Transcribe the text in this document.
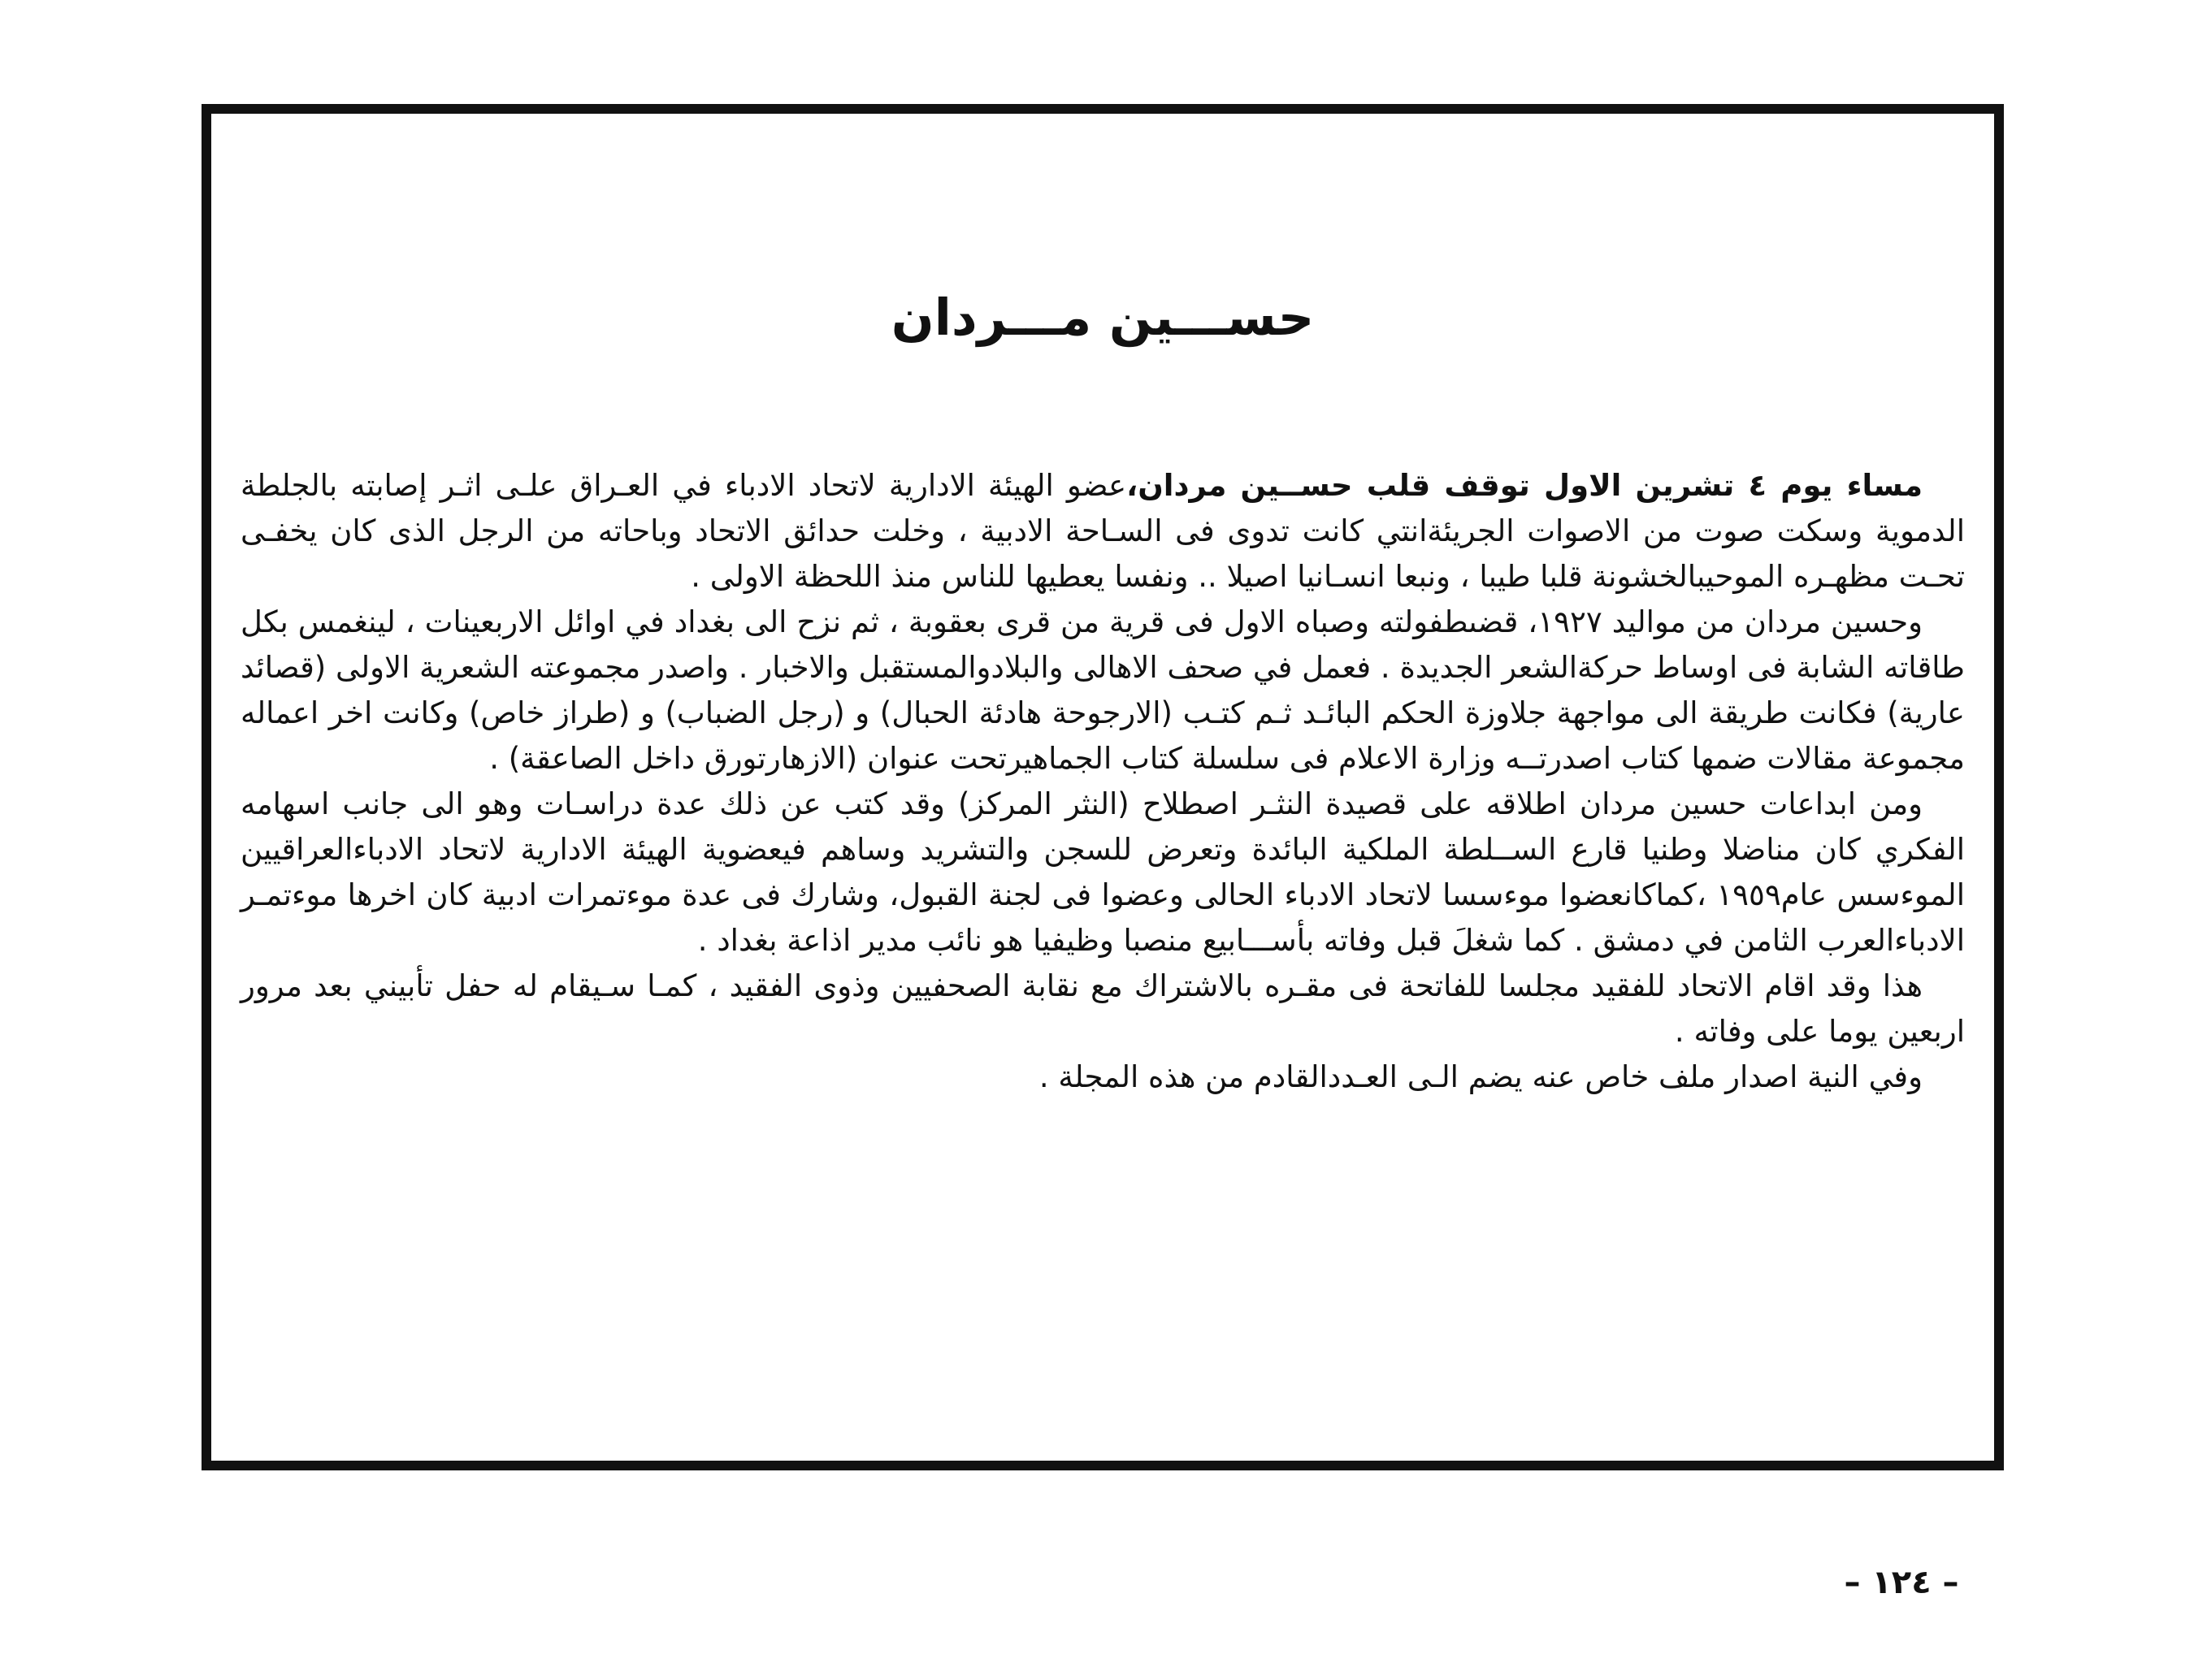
حســـين مـــردان

مساء يوم ٤ تشرين الاول توقف قلب حســين مردان،عضو الهيئة الادارية لاتحاد الادباء في العـراق علـى اثـر إصابته بالجلطة الدموية وسكت صوت من الاصوات الجريئةانتي كانت تدوى فى السـاحة الادبية ، وخلت حدائق الاتحاد وباحاته من الرجل الذى كان يخفـى تحـت مظهـره الموحيبالخشونة قلبا طيبا ، ونبعا انسـانيا اصيلا .. ونفسا يعطيها للناس منذ اللحظة الاولى .

وحسين مردان من مواليد ١٩٢٧، قضىطفولته وصباه الاول فى قرية من قرى بعقوبة ، ثم نزح الى بغداد في اوائل الاربعينات ، لينغمس بكل طاقاته الشابة فى اوساط حركةالشعر الجديدة . فعمل في صحف الاهالى والبلادوالمستقبل والاخبار . واصدر مجموعته الشعرية الاولى (قصائد عارية) فكانت طريقة الى مواجهة جلاوزة الحكم البائـد ثـم كتـب (الارجوحة هادئة الحبال) و (رجل الضباب) و (طراز خاص) وكانت اخر اعماله مجموعة مقالات ضمها كتاب اصدرتــه وزارة الاعلام فى سلسلة كتاب الجماهيرتحت عنوان (الازهارتورق داخل الصاعقة) .

ومن ابداعات حسين مردان اطلاقه على قصيدة النثـر اصطلاح (النثر المركز) وقد كتب عن ذلك عدة دراسـات وهو الى جانب اسهامه الفكري كان مناضلا وطنيا قارع الســلطة الملكية البائدة وتعرض للسجن والتشريد وساهم فيعضوية الهيئة الادارية لاتحاد الادباءالعراقيين الموءسس عام١٩٥٩ ،كماكانعضوا موءسسا لاتحاد الادباء الحالى وعضوا فى لجنة القبول، وشارك فى عدة موءتمرات ادبية كان اخرها موءتمـر الادباءالعرب الثامن في دمشق . كما شغلَ قبل وفاته بأســـابيع منصبا وظيفيا هو نائب مدير اذاعة بغداد .

هذا وقد اقام الاتحاد للفقيد مجلسا للفاتحة فى مقـره بالاشتراك مع نقابة الصحفيين وذوى الفقيد ، كمـا سـيقام له حفل تأبيني بعد مرور اربعين يوما على وفاته .

وفي النية اصدار ملف خاص عنه يضم الـى العـددالقادم من هذه المجلة .

– ١٢٤ –
